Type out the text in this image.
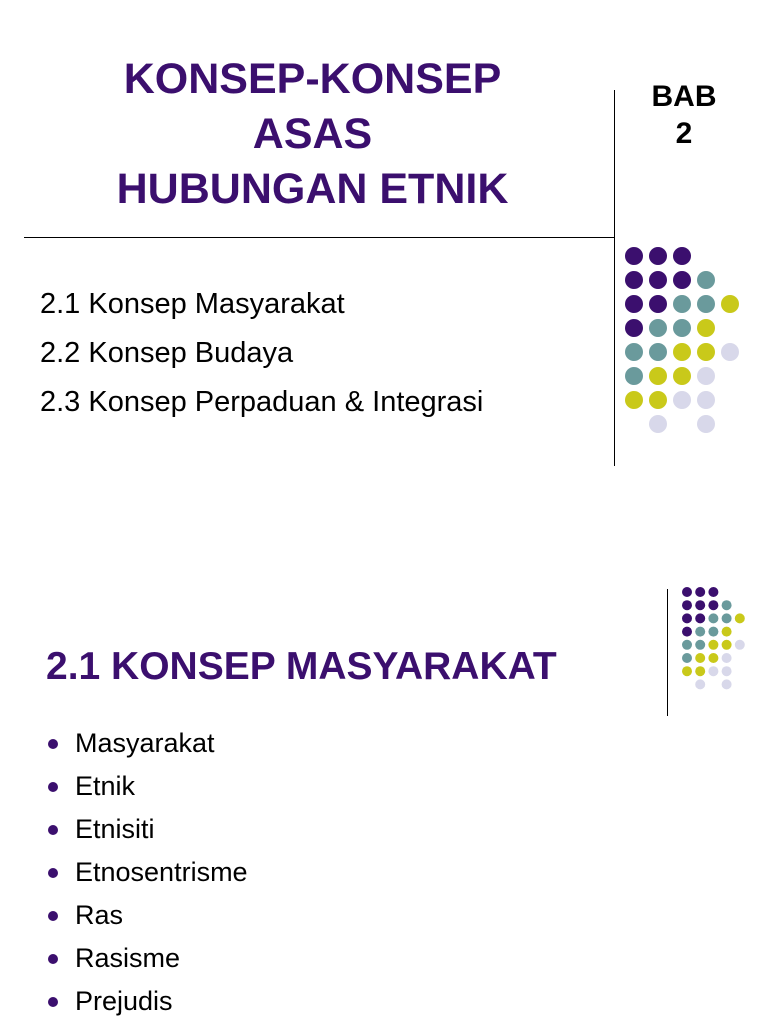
KONSEP-KONSEP
ASAS
HUBUNGAN ETNIK
BAB
2
2.1 Konsep Masyarakat
2.2 Konsep Budaya
2.3 Konsep Perpaduan & Integrasi
2.1 KONSEP MASYARAKAT
Masyarakat
Etnik
Etnisiti
Etnosentrisme
Ras
Rasisme
Prejudis
